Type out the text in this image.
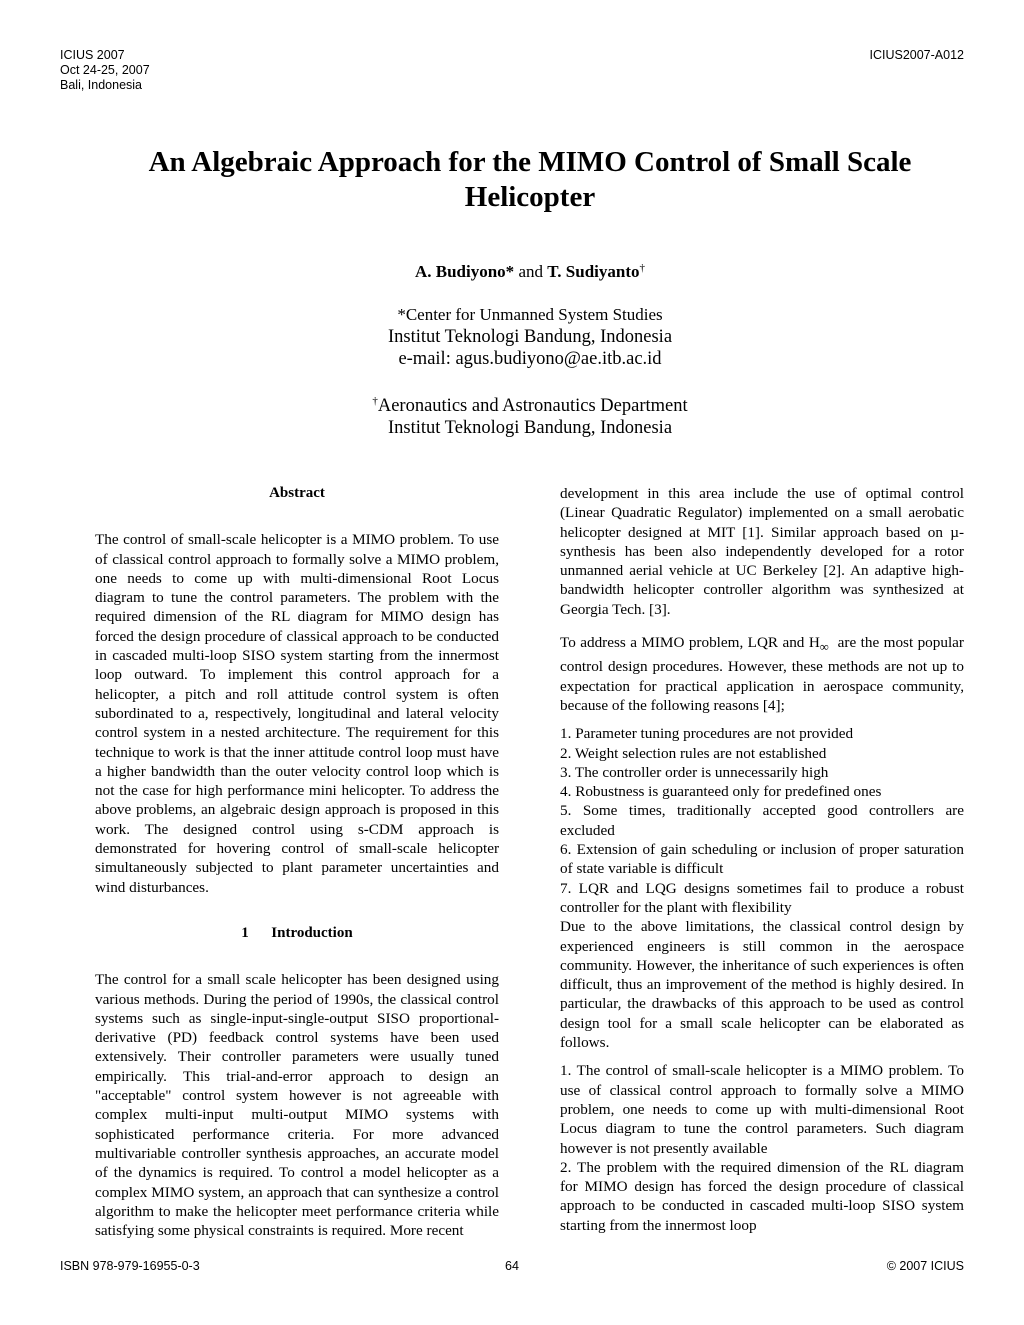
ICIUS 2007
Oct 24-25, 2007
Bali, Indonesia
ICIUS2007-A012
An Algebraic Approach for the MIMO Control of Small Scale Helicopter
A. Budiyono* and T. Sudiyanto†
*Center for Unmanned System Studies
Institut Teknologi Bandung, Indonesia
e-mail: agus.budiyono@ae.itb.ac.id
†Aeronautics and Astronautics Department
Institut Teknologi Bandung, Indonesia
Abstract

The control of small-scale helicopter is a MIMO problem. To use of classical control approach to formally solve a MIMO problem, one needs to come up with multi-dimensional Root Locus diagram to tune the control parameters. The problem with the required dimension of the RL diagram for MIMO design has forced the design procedure of classical approach to be conducted in cascaded multi-loop SISO system starting from the innermost loop outward. To implement this control approach for a helicopter, a pitch and roll attitude control system is often subordinated to a, respectively, longitudinal and lateral velocity control system in a nested architecture. The requirement for this technique to work is that the inner attitude control loop must have a higher bandwidth than the outer velocity control loop which is not the case for high performance mini helicopter. To address the above problems, an algebraic design approach is proposed in this work. The designed control using s-CDM approach is demonstrated for hovering control of small-scale helicopter simultaneously subjected to plant parameter uncertainties and wind disturbances.

1      Introduction

The control for a small scale helicopter has been designed using various methods. During the period of 1990s, the classical control systems such as single-input-single-output SISO proportional-derivative (PD) feedback control systems have been used extensively. Their controller parameters were usually tuned empirically. This trial-and-error approach to design an "acceptable" control system however is not agreeable with complex multi-input multi-output MIMO systems with sophisticated performance criteria. For more advanced multivariable controller synthesis approaches, an accurate model of the dynamics is required. To control a model helicopter as a complex MIMO system, an approach that can synthesize a control algorithm to make the helicopter meet performance criteria while satisfying some physical constraints is required. More recent

development in this area include the use of optimal control (Linear Quadratic Regulator) implemented on a small aerobatic helicopter designed at MIT [1]. Similar approach based on µ-synthesis has been also independently developed for a rotor unmanned aerial vehicle at UC Berkeley [2]. An adaptive high-bandwidth helicopter controller algorithm was synthesized at Georgia Tech. [3].

To address a MIMO problem, LQR and $H_\infty$  are the most popular control design procedures. However, these methods are not up to expectation for practical application in aerospace community, because of the following reasons [4];

1. Parameter tuning procedures are not provided

2. Weight selection rules are not established

3. The controller order is unnecessarily high

4. Robustness is guaranteed only for predefined ones

5. Some times, traditionally accepted good controllers are excluded

6. Extension of gain scheduling or inclusion of proper saturation of state variable is difficult

7. LQR and LQG designs sometimes fail to produce a robust controller for the plant with flexibility

Due to the above limitations, the classical control design by experienced engineers is still common in the aerospace community. However, the inheritance of such experiences is often difficult, thus an improvement of the method is highly desired. In particular, the drawbacks of this approach to be used as control design tool for a small scale helicopter can be elaborated as follows.

1. The control of small-scale helicopter is a MIMO problem. To use of classical control approach to formally solve a MIMO problem, one needs to come up with multi-dimensional Root Locus diagram to tune the control parameters. Such diagram however is not presently available

2. The problem with the required dimension of the RL diagram for MIMO design has forced the design procedure of classical approach to be conducted in cascaded multi-loop SISO system starting from the innermost loop

ISBN 978-979-16955-0-3	64	© 2007 ICIUS
